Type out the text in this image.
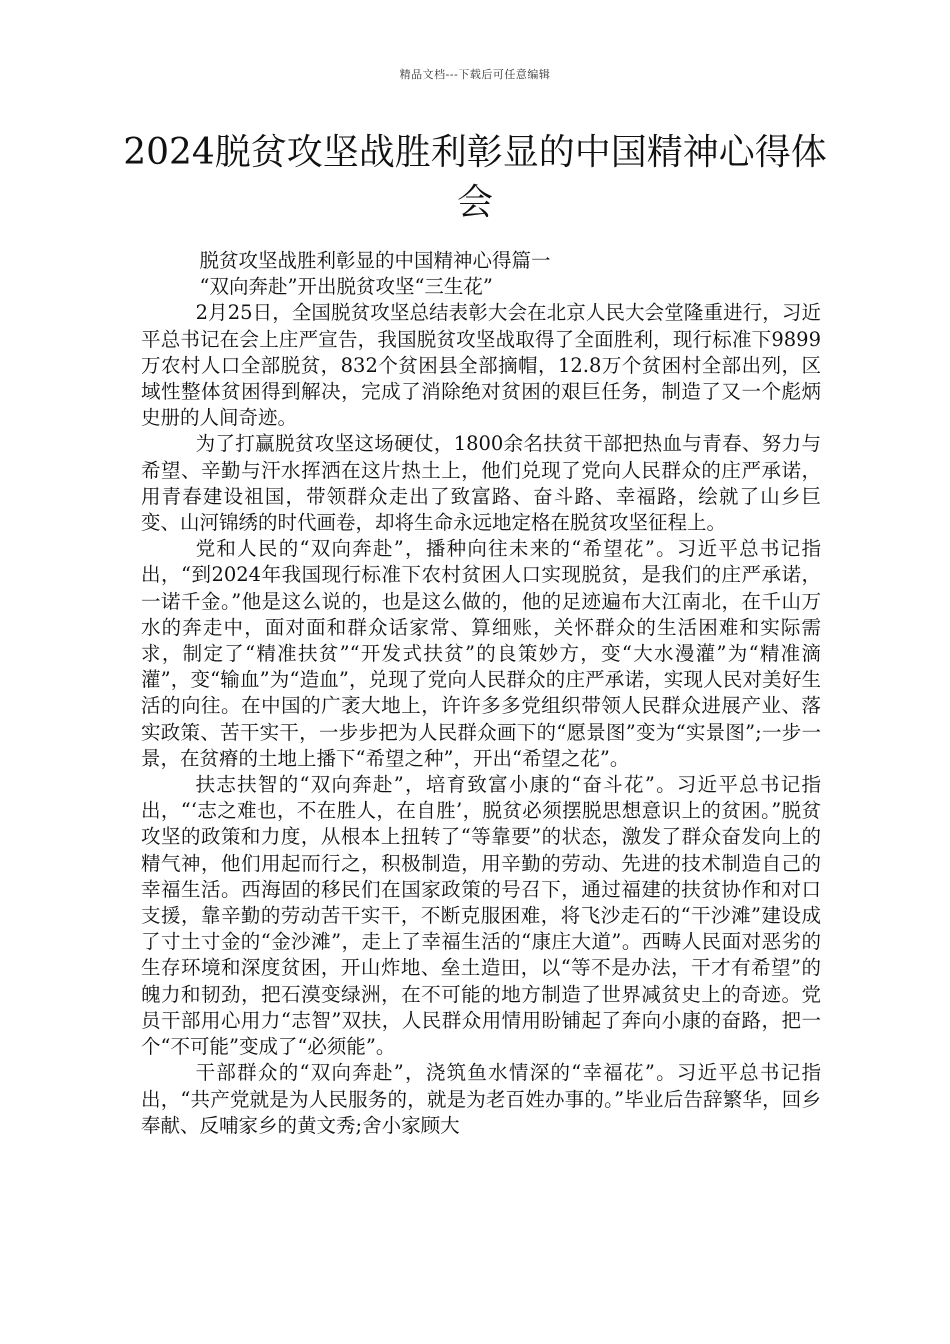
精品文档---下载后可任意编辑
2024脱贫攻坚战胜利彰显的中国精神心得体会

脱贫攻坚战胜利彰显的中国精神心得篇一

“双向奔赴”开出脱贫攻坚“三生花”

2月25日，全国脱贫攻坚总结表彰大会在北京人民大会堂隆重进行，习近平总书记在会上庄严宣告，我国脱贫攻坚战取得了全面胜利，现行标准下9899万农村人口全部脱贫，832个贫困县全部摘帽，12.8万个贫困村全部出列，区域性整体贫困得到解决，完成了消除绝对贫困的艰巨任务，制造了又一个彪炳史册的人间奇迹。

为了打赢脱贫攻坚这场硬仗，1800余名扶贫干部把热血与青春、努力与希望、辛勤与汗水挥洒在这片热土上，他们兑现了党向人民群众的庄严承诺，用青春建设祖国，带领群众走出了致富路、奋斗路、幸福路，绘就了山乡巨变、山河锦绣的时代画卷，却将生命永远地定格在脱贫攻坚征程上。

党和人民的“双向奔赴”，播种向往未来的“希望花”。习近平总书记指出，“到2024年我国现行标准下农村贫困人口实现脱贫，是我们的庄严承诺，一诺千金。”他是这么说的，也是这么做的，他的足迹遍布大江南北，在千山万水的奔走中，面对面和群众话家常、算细账，关怀群众的生活困难和实际需求，制定了“精准扶贫”“开发式扶贫”的良策妙方，变“大水漫灌”为“精准滴灌”，变“输血”为“造血”，兑现了党向人民群众的庄严承诺，实现人民对美好生活的向往。在中国的广袤大地上，许许多多党组织带领人民群众进展产业、落实政策、苦干实干，一步步把为人民群众画下的“愿景图”变为“实景图”;一步一景，在贫瘠的土地上播下“希望之种”，开出“希望之花”。

扶志扶智的“双向奔赴”，培育致富小康的“奋斗花”。习近平总书记指出，“‘志之难也，不在胜人，在自胜’，脱贫必须摆脱思想意识上的贫困。”脱贫攻坚的政策和力度，从根本上扭转了“等靠要”的状态，激发了群众奋发向上的精气神，他们用起而行之，积极制造，用辛勤的劳动、先进的技术制造自己的幸福生活。西海固的移民们在国家政策的号召下，通过福建的扶贫协作和对口支援，靠辛勤的劳动苦干实干，不断克服困难，将飞沙走石的“干沙滩”建设成了寸土寸金的“金沙滩”，走上了幸福生活的“康庄大道”。西畴人民面对恶劣的生存环境和深度贫困，开山炸地、垒土造田，以“等不是办法，干才有希望”的魄力和韧劲，把石漠变绿洲，在不可能的地方制造了世界减贫史上的奇迹。党员干部用心用力“志智”双扶，人民群众用情用盼铺起了奔向小康的奋路，把一个“不可能”变成了“必须能”。

干部群众的“双向奔赴”，浇筑鱼水情深的“幸福花”。习近平总书记指出，“共产党就是为人民服务的，就是为老百姓办事的。”毕业后告辞繁华，回乡奉献、反哺家乡的黄文秀;舍小家顾大
